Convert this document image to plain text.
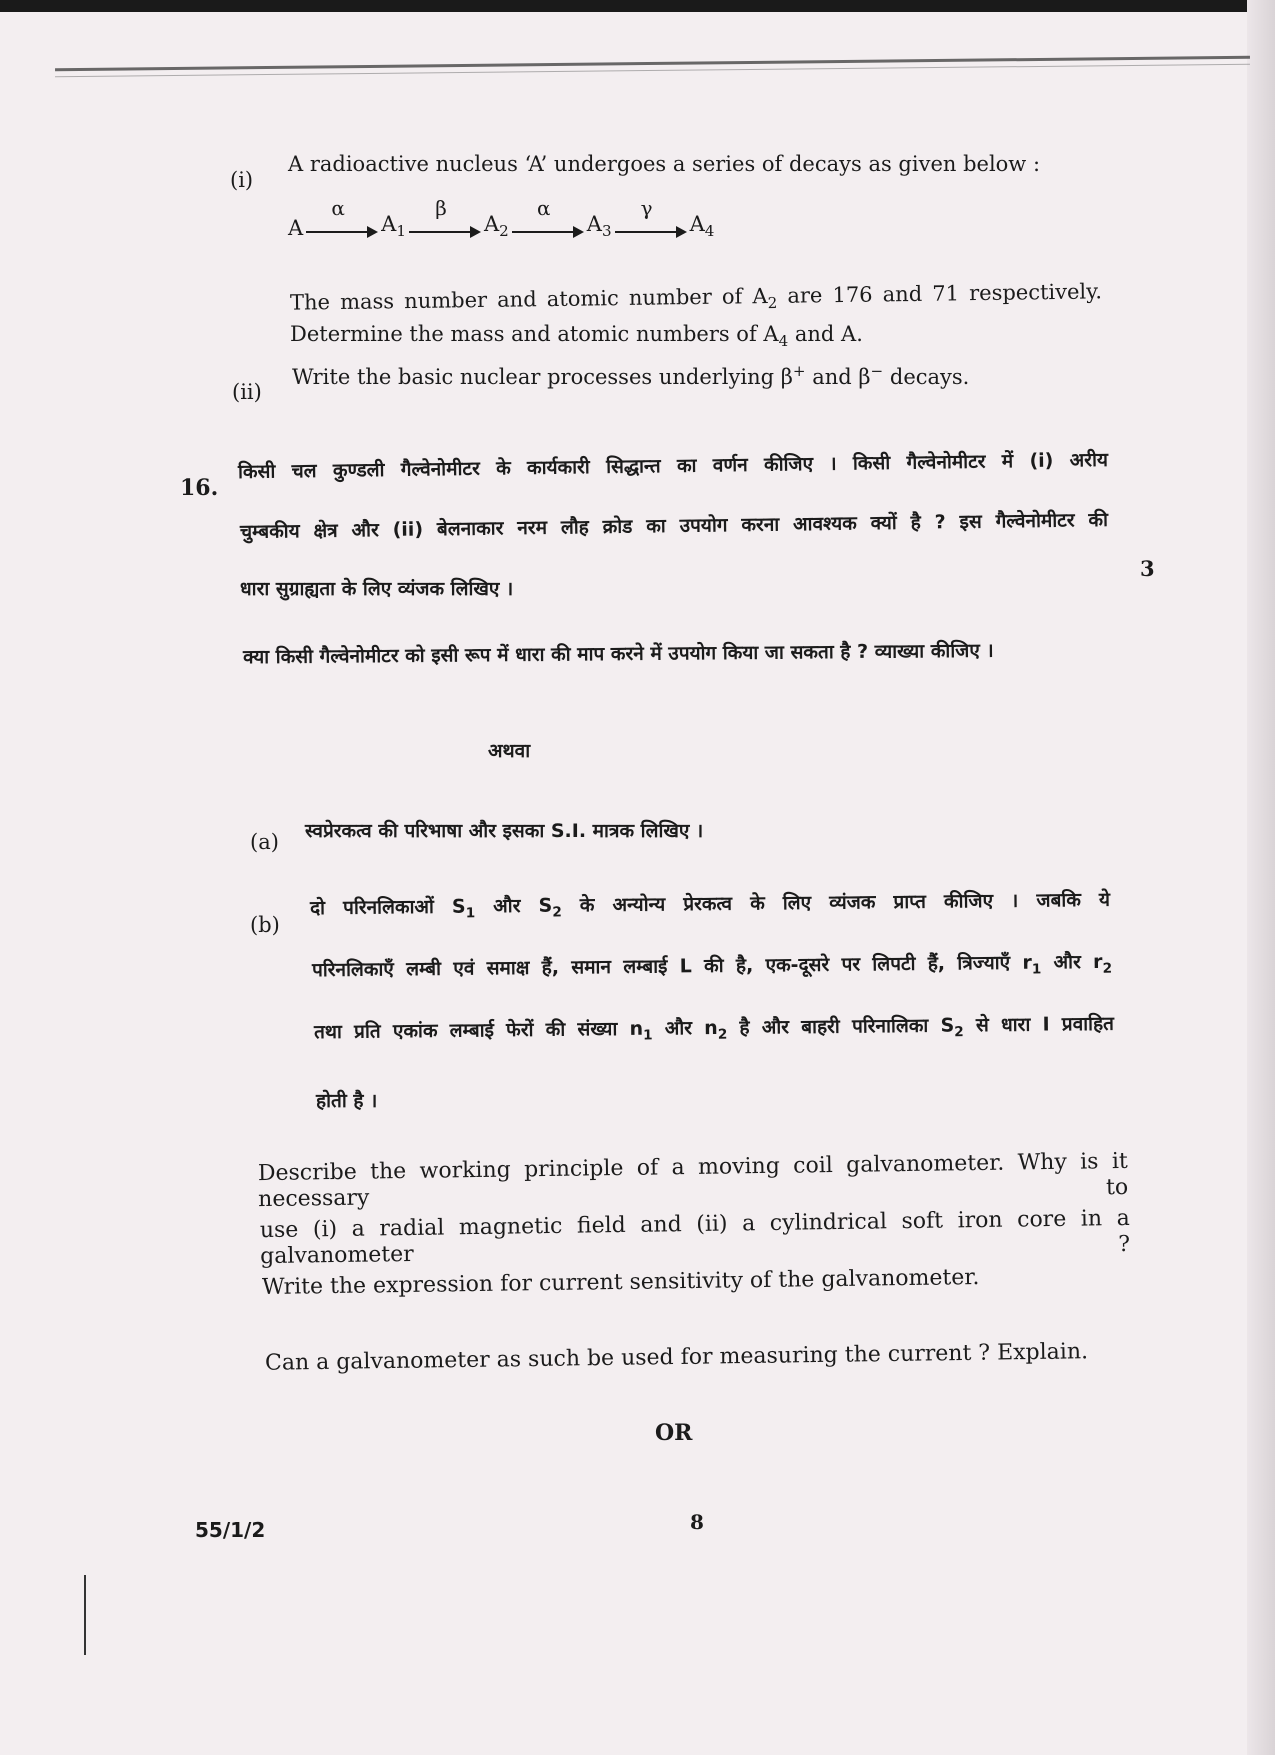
(i)
A radioactive nucleus ‘A’ undergoes a series of decays as given below :
A
α
$A_1$
β
$A_2$
α
$A_3$
γ
$A_4$
The mass number and atomic number of $A_2$ are 176 and 71 respectively.
Determine the mass and atomic numbers of $A_4$ and A.
(ii)
Write the basic nuclear processes underlying β+ and β− decays.
16.
किसी चल कुण्डली गैल्वेनोमीटर के कार्यकारी सिद्धान्त का वर्णन कीजिए । किसी गैल्वेनोमीटर में (i) अरीय
चुम्बकीय क्षेत्र और (ii) बेलनाकार नरम लौह क्रोड का उपयोग करना आवश्यक क्यों है ? इस गैल्वेनोमीटर की
धारा सुग्राह्यता के लिए व्यंजक लिखिए ।
3
क्या किसी गैल्वेनोमीटर को इसी रूप में धारा की माप करने में उपयोग किया जा सकता है ? व्याख्या कीजिए ।
अथवा
(a) स्वप्रेरकत्व की परिभाषा और इसका S.I. मात्रक लिखिए ।
(b)
दो परिनलिकाओं $S_1$ और $S_2$ के अन्योन्य प्रेरकत्व के लिए व्यंजक प्राप्त कीजिए । जबकि ये
परिनलिकाएँ लम्बी एवं समाक्ष हैं, समान लम्बाई L की है, एक-दूसरे पर लिपटी हैं, त्रिज्याएँ $r_1$ और $r_2$
तथा प्रति एकांक लम्बाई फेरों की संख्या $n_1$ और $n_2$ है और बाहरी परिनालिका $S_2$ से धारा I प्रवाहित
होती है ।
Describe the working principle of a moving coil galvanometer. Why is it necessary to
use (i) a radial magnetic field and (ii) a cylindrical soft iron core in a galvanometer ?
Write the expression for current sensitivity of the galvanometer.
Can a galvanometer as such be used for measuring the current ? Explain.
OR
55/1/2	8
